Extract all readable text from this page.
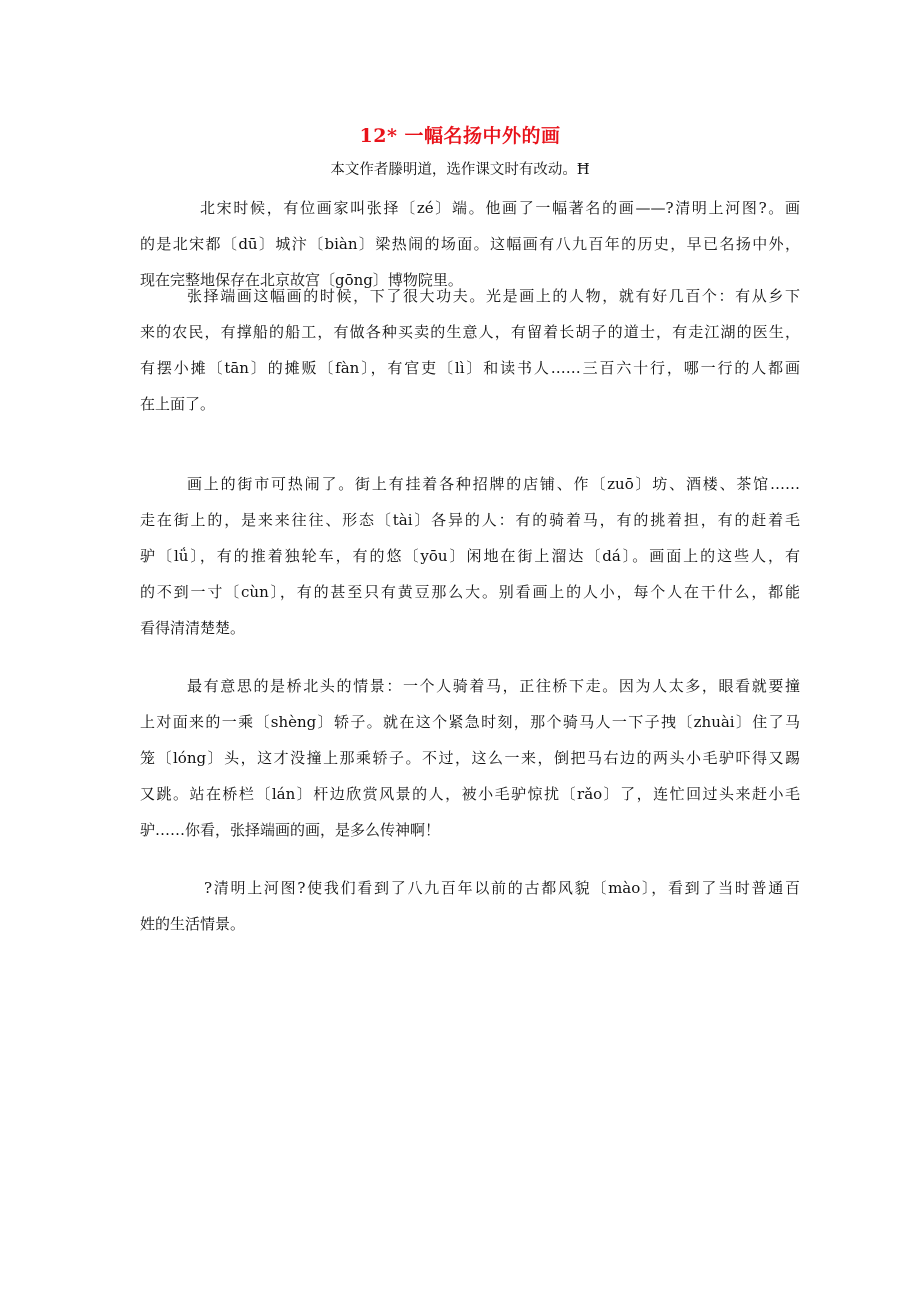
12* 一幅名扬中外的画
本文作者滕明道，选作课文时有改动。Ħ
北宋时候，有位画家叫张择〔zé〕端。他画了一幅著名的画——?清明上河图?。画
的是北宋都〔dū〕城汴〔biàn〕梁热闹的场面。这幅画有八九百年的历史，早已名扬中外，
现在完整地保存在北京故宫〔gōng〕博物院里。
张择端画这幅画的时候，下了很大功夫。光是画上的人物，就有好几百个：有从乡下
来的农民，有撑船的船工，有做各种买卖的生意人，有留着长胡子的道士，有走江湖的医生，
有摆小摊〔tān〕的摊贩〔fàn〕，有官吏〔lì〕和读书人……三百六十行，哪一行的人都画
在上面了。
画上的街市可热闹了。街上有挂着各种招牌的店铺、作〔zuō〕坊、酒楼、茶馆……
走在街上的，是来来往往、形态〔tài〕各异的人：有的骑着马，有的挑着担，有的赶着毛
驴〔lǘ〕，有的推着独轮车，有的悠〔yōu〕闲地在街上溜达〔dá〕。画面上的这些人，有
的不到一寸〔cùn〕，有的甚至只有黄豆那么大。别看画上的人小，每个人在干什么，都能
看得清清楚楚。
最有意思的是桥北头的情景：一个人骑着马，正往桥下走。因为人太多，眼看就要撞
上对面来的一乘〔shèng〕轿子。就在这个紧急时刻，那个骑马人一下子拽〔zhuài〕住了马
笼〔lóng〕头，这才没撞上那乘轿子。不过，这么一来，倒把马右边的两头小毛驴吓得又踢
又跳。站在桥栏〔lán〕杆边欣赏风景的人，被小毛驴惊扰〔rǎo〕了，连忙回过头来赶小毛
驴……你看，张择端画的画，是多么传神啊！
?清明上河图?使我们看到了八九百年以前的古都风貌〔mào〕，看到了当时普通百
姓的生活情景。
